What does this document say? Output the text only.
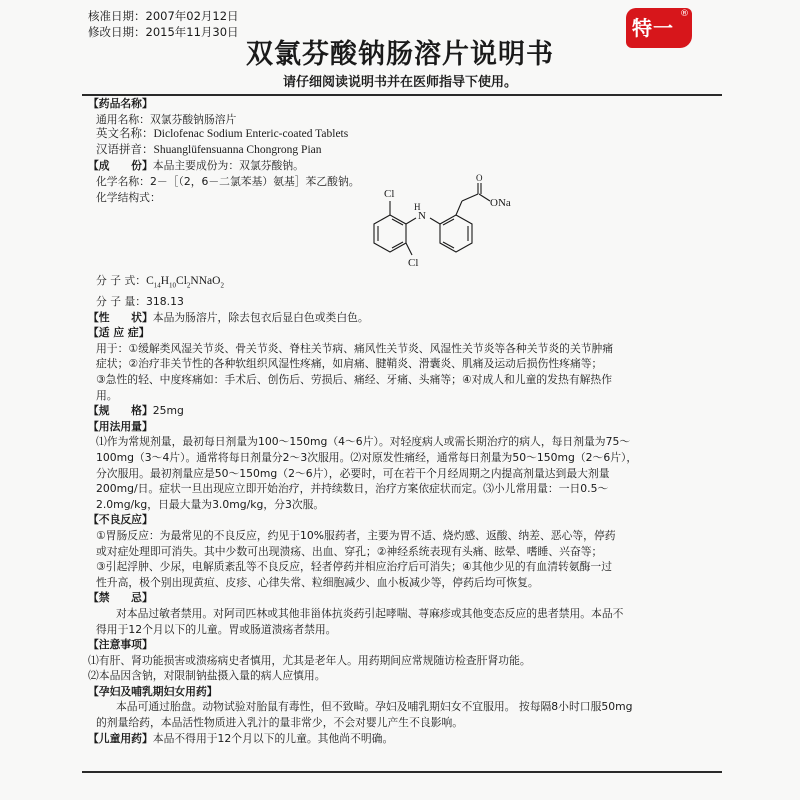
核准日期：2007年02月12日
修改日期：2015年11月30日
双氯芬酸钠肠溶片说明书
请仔细阅读说明书并在医师指导下使用。
特一
®
【药品名称】
通用名称：双氯芬酸钠肠溶片
英文名称：Diclofenac Sodium Enteric-coated Tablets
汉语拼音：Shuanglüfensuanna Chongrong Pian
【成　　份】本品主要成份为：双氯芬酸钠。
化学名称：2－［（2，6－二氯苯基）氨基］苯乙酸钠。
化学结构式：	Cl
Cl
N
H
O
ONa
分 子 式：$C_{14}H_{10}Cl_2NNaO_2$
分 子 量：318.13
【性　　状】本品为肠溶片，除去包衣后显白色或类白色。
【适 应 症】
用于：①缓解类风湿关节炎、骨关节炎、脊柱关节病、痛风性关节炎、风湿性关节炎等各种关节炎的关节肿痛
症状；②治疗非关节性的各种软组织风湿性疼痛，如肩痛、腱鞘炎、滑囊炎、肌痛及运动后损伤性疼痛等；
③急性的轻、中度疼痛如：手术后、创伤后、劳损后、痛经、牙痛、头痛等；④对成人和儿童的发热有解热作
用。
【规　　格】25mg
【用法用量】
⑴作为常规剂量，最初每日剂量为100～150mg（4～6片）。对轻度病人或需长期治疗的病人，每日剂量为75～
100mg（3～4片）。通常将每日剂量分2～3次服用。⑵对原发性痛经，通常每日剂量为50～150mg（2～6片），
分次服用。最初剂量应是50～150mg（2～6片），必要时，可在若干个月经周期之内提高剂量达到最大剂量
200mg/日。症状一旦出现应立即开始治疗，并持续数日，治疗方案依症状而定。⑶小儿常用量：一日0.5～
2.0mg/kg，日最大量为3.0mg/kg，分3次服。
【不良反应】
①胃肠反应：为最常见的不良反应，约见于10%服药者，主要为胃不适、烧灼感、返酸、纳差、恶心等，停药
或对症处理即可消失。其中少数可出现溃疡、出血、穿孔；②神经系统表现有头痛、眩晕、嗜睡、兴奋等；
③引起浮肿、少尿，电解质紊乱等不良反应，轻者停药并相应治疗后可消失；④其他少见的有血清转氨酶一过
性升高，极个别出现黄疸、皮疹、心律失常、粒细胞减少、血小板减少等，停药后均可恢复。
【禁　　忌】
对本品过敏者禁用。对阿司匹林或其他非甾体抗炎药引起哮喘、荨麻疹或其他变态反应的患者禁用。本品不
得用于12个月以下的儿童。胃或肠道溃疡者禁用。
【注意事项】
⑴有肝、肾功能损害或溃疡病史者慎用，尤其是老年人。用药期间应常规随访检查肝肾功能。
⑵本品因含钠，对限制钠盐摄入量的病人应慎用。
【孕妇及哺乳期妇女用药】
本品可通过胎盘。动物试验对胎鼠有毒性，但不致畸。孕妇及哺乳期妇女不宜服用。 按每隔8小时口服50mg
的剂量给药，本品活性物质进入乳汁的量非常少，不会对婴儿产生不良影响。
【儿童用药】本品不得用于12个月以下的儿童。其他尚不明确。
